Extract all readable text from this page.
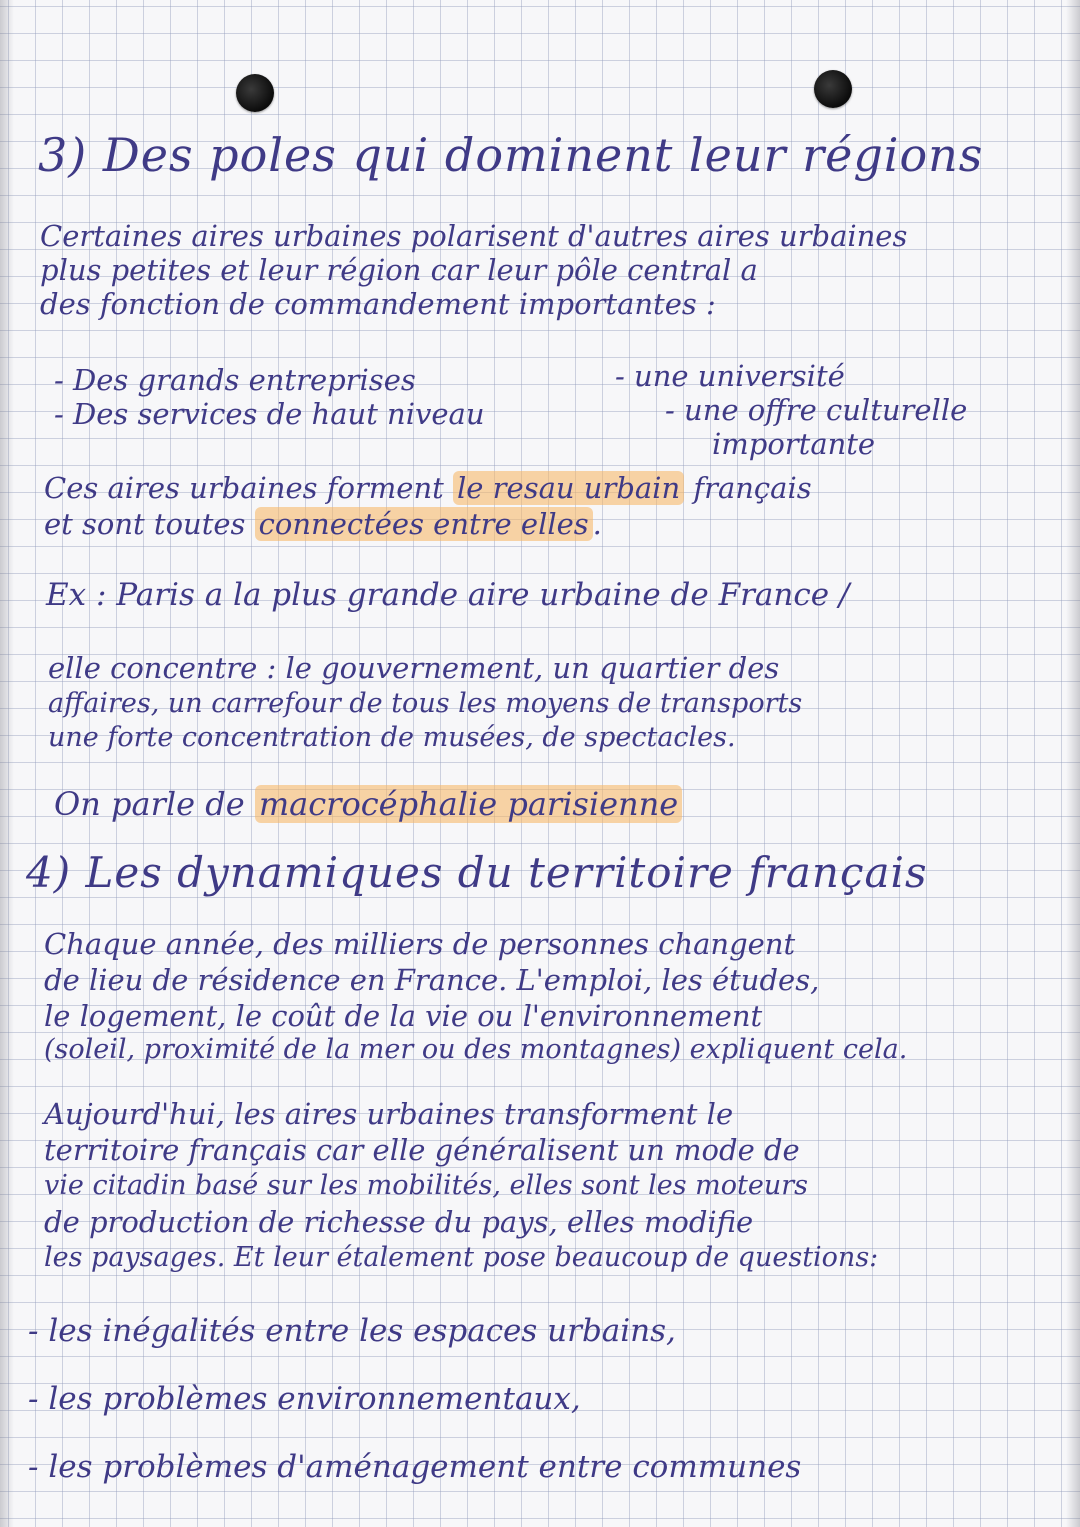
3) Des poles qui dominent leur régions

Certaines aires urbaines polarisent d'autres aires urbaines

plus petites et leur région car leur pôle central a

des fonction de commandement importantes :

- Des grands entreprises

- Des services de haut niveau

- une université

- une offre culturelle

importante

Ces aires urbaines forment le resau urbain français

et sont toutes connectées entre elles .

Ex : Paris a la plus grande aire urbaine de France /

elle concentre : le gouvernement, un quartier des

affaires, un carrefour de tous les moyens de transports

une forte concentration de musées, de spectacles.

On parle de macrocéphalie parisienne

4) Les dynamiques du territoire français

Chaque année, des milliers de personnes changent

de lieu de résidence en France. L'emploi, les études,

le logement, le coût de la vie ou l'environnement

(soleil, proximité de la mer ou des montagnes) expliquent cela.

Aujourd'hui, les aires urbaines transforment le

territoire français car elle généralisent un mode de

vie citadin basé sur les mobilités, elles sont les moteurs

de production de richesse du pays, elles modifie

les paysages. Et leur étalement pose beaucoup de questions:

- les inégalités entre les espaces urbains,

- les problèmes environnementaux,

- les problèmes d'aménagement entre communes
